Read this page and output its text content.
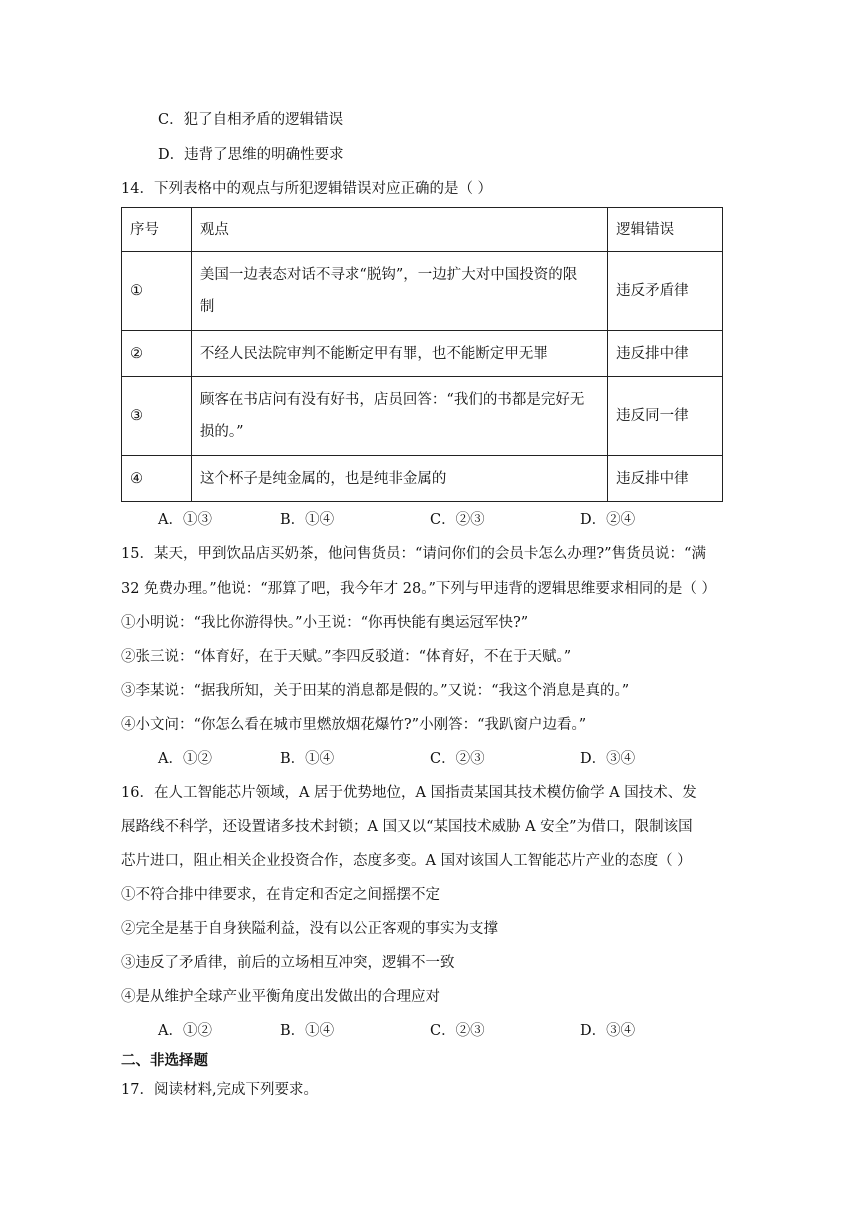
C．犯了自相矛盾的逻辑错误
D．违背了思维的明确性要求
14．下列表格中的观点与所犯逻辑错误对应正确的是（ ）
序号	观点	逻辑错误
①	美国一边表态对话不寻求“脱钩”，一边扩大对中国投资的限
制	违反矛盾律
②	不经人民法院审判不能断定甲有罪，也不能断定甲无罪	违反排中律
③	顾客在书店问有没有好书，店员回答：“我们的书都是完好无
损的。”	违反同一律
④	这个杯子是纯金属的，也是纯非金属的	违反排中律
A．①③	B．①④	C．②③	D．②④
15．某天，甲到饮品店买奶茶，他问售货员：“请问你们的会员卡怎么办理?”售货员说：“满
32 免费办理。”他说：“那算了吧，我今年才 28。”下列与甲违背的逻辑思维要求相同的是（ ）
①小明说：“我比你游得快。”小王说：“你再快能有奥运冠军快?”
②张三说：“体育好，在于天赋。”李四反驳道：“体育好，不在于天赋。”
③李某说：“据我所知，关于田某的消息都是假的。”又说：“我这个消息是真的。”
④小文问：“你怎么看在城市里燃放烟花爆竹?”小刚答：“我趴窗户边看。”
A．①②	B．①④	C．②③	D．③④
16．在人工智能芯片领域，A 居于优势地位，A 国指责某国其技术模仿偷学 A 国技术、发
展路线不科学，还设置诸多技术封锁；A 国又以“某国技术威胁 A 安全”为借口，限制该国
芯片进口，阻止相关企业投资合作，态度多变。A 国对该国人工智能芯片产业的态度（ ）
①不符合排中律要求，在肯定和否定之间摇摆不定
②完全是基于自身狭隘利益，没有以公正客观的事实为支撑
③违反了矛盾律，前后的立场相互冲突，逻辑不一致
④是从维护全球产业平衡角度出发做出的合理应对
A．①②	B．①④	C．②③	D．③④
二、非选择题
17．阅读材料,完成下列要求。
